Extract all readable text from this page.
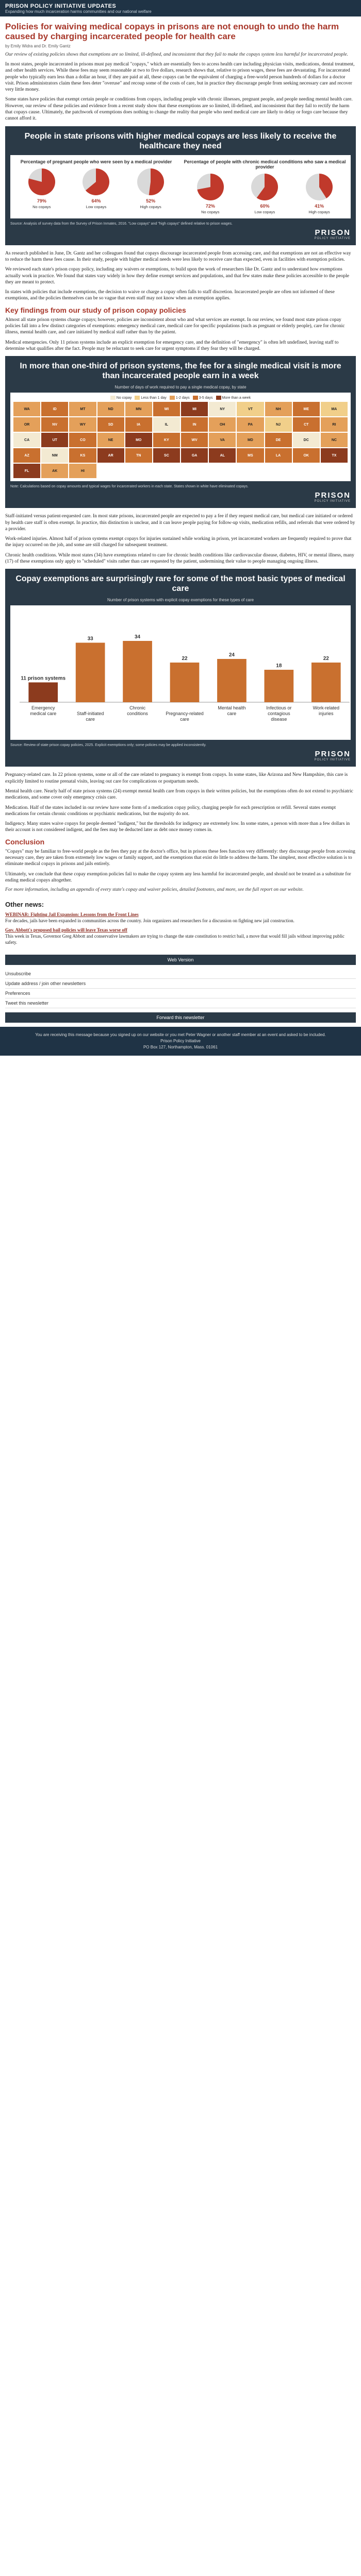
PRISON POLICY INITIATIVE UPDATES
Expanding how much incarceration harms communities and our national welfare
Policies for waiving medical copays in prisons are not enough to undo the harm caused by charging incarcerated people for health care
by Emily Widra and Dr. Emily Gantz
Our review of existing policies shows that exemptions are so limited, ill-defined, and inconsistent that they fail to make the copays system less harmful for incarcerated people.

In most states, people incarcerated in prisons must pay medical "copays," which are essentially fees to access health care including physician visits, medications, dental treatment, and other health services. While these fees may seem reasonable at two to five dollars, research shows that, relative to prison wages, these fees are devastating. For incarcerated people who typically earn less than a dollar an hour, if they are paid at all, these copays can be the equivalent of charging a free-world person hundreds of dollars for a doctor visit. Prison administrators claim these fees deter "overuse" and recoup some of the costs of care, but in practice they discourage people from seeking necessary care and recover very little money.

Some states have policies that exempt certain people or conditions from copays, including people with chronic illnesses, pregnant people, and people needing mental health care. However, our review of these policies and evidence from a recent study show that these exemptions are so limited, ill-defined, and inconsistent that they fail to rectify the harm that copays cause. Ultimately, the patchwork of exemptions does nothing to change the reality that people who need medical care are likely to delay or forgo care because they cannot afford it.

People in state prisons with higher medical copays are less likely to receive the healthcare they need
Percentage of pregnant people who were seen by a medical provider
79%
No copays
64%
Low copays
52%
High copays
Percentage of people with chronic medical conditions who saw a medical provider
72%
No copays
60%
Low copays
41%
High copays
Source: Analysis of survey data from the Survey of Prison Inmates, 2016. "Low copays" and "high copays" defined relative to prison wages.
PRISON
POLICY INITIATIVE

As research published in June, Dr. Gantz and her colleagues found that copays discourage incarcerated people from accessing care, and that exemptions are not an effective way to reduce the harm these fees cause. In their study, people with higher medical needs were less likely to receive care than expected, even in facilities with exemption policies.

We reviewed each state's prison copay policy, including any waivers or exemptions, to build upon the work of researchers like Dr. Gantz and to understand how exemptions actually work in practice. We found that states vary widely in how they define exempt services and populations, and that few states make these policies accessible to the people they are meant to protect.

In states with policies that include exemptions, the decision to waive or charge a copay often falls to staff discretion. Incarcerated people are often not informed of these exemptions, and the policies themselves can be so vague that even staff may not know when an exemption applies.

Key findings from our study of prison copay policies

Almost all state prison systems charge copays; however, policies are inconsistent about who and what services are exempt. In our review, we found most state prison copay policies fall into a few distinct categories of exemptions: emergency medical care, medical care for specific populations (such as pregnant or elderly people), care for chronic illness, mental health care, and care initiated by medical staff rather than by the patient.

Medical emergencies. Only 11 prison systems include an explicit exemption for emergency care, and the definition of "emergency" is often left undefined, leaving staff to determine what qualifies after the fact. People may be reluctant to seek care for urgent symptoms if they fear they will be charged.

In more than one-third of prison systems, the fee for a single medical visit is more than incarcerated people earn in a week
Number of days of work required to pay a single medical copay, by state
No copay	Less than 1 day	1-2 days	3-5 days	More than a week
WA	ID	MT	ND	MN	WI	MI	NY	VT	NH	ME	MA
OR	NV	WY	SD	IA	IL	IN	OH	PA	NJ	CT	RI
CA	UT	CO	NE	MO	KY	WV	VA	MD	DE	DC	NC
AZ	NM	KS	AR	TN	SC	GA	AL	MS	LA	OK	TX
FL	AK	HI
Note: Calculations based on copay amounts and typical wages for incarcerated workers in each state. States shown in white have eliminated copays.
PRISON
POLICY INITIATIVE

Staff-initiated versus patient-requested care. In most state prisons, incarcerated people are expected to pay a fee if they request medical care, but medical care initiated or ordered by health care staff is often exempt. In practice, this distinction is unclear, and it can leave people paying for follow-up visits, medication refills, and referrals that were ordered by a provider.

Work-related injuries. Almost half of prison systems exempt copays for injuries sustained while working in prison, yet incarcerated workers are frequently required to prove that the injury occurred on the job, and some are still charged for subsequent treatment.

Chronic health conditions. While most states (34) have exemptions related to care for chronic health conditions like cardiovascular disease, diabetes, HIV, or mental illness, many (17) of these exemptions only apply to "scheduled" visits rather than care requested by the patient, undermining their value to people managing ongoing illness.

Copay exemptions are surprisingly rare for some of the most basic types of medical care
Number of prison systems with explicit copay exemptions for these types of care
11 prison systems
Emergency medical care
33
Staff-initiated care
34
Chronic conditions
22
Pregnancy-related care
24
Mental health care
18
Infectious or contagious disease
22
Work-related injuries
Source: Review of state prison copay policies, 2025. Explicit exemptions only; some policies may be applied inconsistently.
PRISON
POLICY INITIATIVE

Pregnancy-related care. In 22 prison systems, some or all of the care related to pregnancy is exempt from copays. In some states, like Arizona and New Hampshire, this care is explicitly limited to routine prenatal visits, leaving out care for complications or postpartum needs.

Mental health care. Nearly half of state prison systems (24) exempt mental health care from copays in their written policies, but the exemptions often do not extend to psychiatric medications, and some cover only emergency crisis care.

Medication. Half of the states included in our review have some form of a medication copay policy, charging people for each prescription or refill. Several states exempt medications for certain chronic conditions or psychiatric medications, but the majority do not.

Indigency. Many states waive copays for people deemed "indigent," but the thresholds for indigency are extremely low. In some states, a person with more than a few dollars in their account is not considered indigent, and the fees may be deducted later as debt once money comes in.

Conclusion

"Copays" may be familiar to free-world people as the fees they pay at the doctor's office, but in prisons these fees function very differently: they discourage people from accessing necessary care, they are taken from extremely low wages or family support, and the exemptions that exist do little to address the harm. The simplest, most effective solution is to eliminate medical copays in prisons and jails entirely.

Ultimately, we conclude that these copay exemption policies fail to make the copay system any less harmful for incarcerated people, and should not be treated as a substitute for ending medical copays altogether.

For more information, including an appendix of every state's copay and waiver policies, detailed footnotes, and more, see the full report on our website.
Other news:
WEBINAR: Fighting Jail Expansion: Lessons from the Front Lines
For decades, jails have been expanded in communities across the country. Join organizers and researchers for a discussion on fighting new jail construction.
Gov. Abbott's proposed bail policies will leave Texas worse off
This week in Texas, Governor Greg Abbott and conservative lawmakers are trying to change the state constitution to restrict bail, a move that would fill jails without improving public safety.
Web Version
Unsubscribe
Update address / join other newsletters
Preferences
Tweet this newsletter
Forward this newsletter
You are receiving this message because you signed up on our website or you met Peter Wagner or another staff member at an event and asked to be included.
Prison Policy Initiative
PO Box 127, Northampton, Mass. 01061
